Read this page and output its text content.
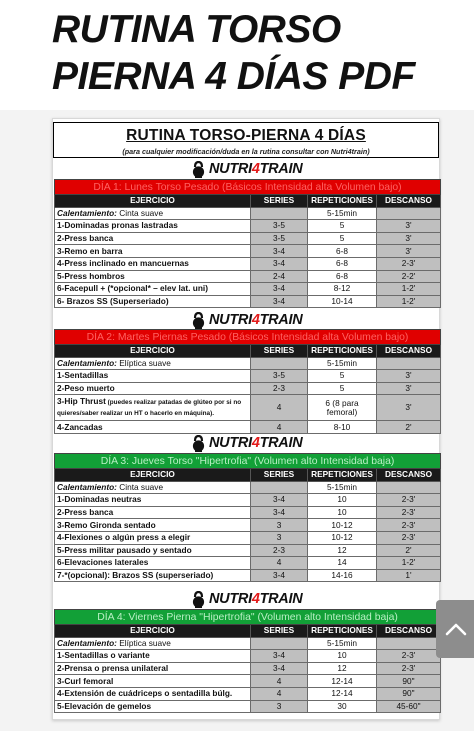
RUTINA TORSO
PIERNA 4 DÍAS PDF
RUTINA TORSO-PIERNA 4 DÍAS
(para cualquier modificación/duda en la rutina consultar con Nutri4train)
NUTRI4TRAIN
DÍA 1: Lunes Torso Pesado (Básicos Intensidad alta Volumen bajo)			
EJERCICIO	SERIES	REPETICIONES	DESCANSO
Calentamiento: Cinta suave		5-15min	
1-Dominadas pronas lastradas	3-5	5	3'
2-Press banca	3-5	5	3'
3-Remo en barra	3-4	6-8	3'
4-Press inclinado en mancuernas	3-4	6-8	2-3'
5-Press hombros	2-4	6-8	2-2'
6-Facepull + (*opcional* – elev lat. uni)	3-4	8-12	1-2'
6- Brazos SS (Superseriado)	3-4	10-14	1-2'
NUTRI4TRAIN
DÍA 2: Martes Piernas Pesado (Básicos Intensidad alta Volumen bajo)			
EJERCICIO	SERIES	REPETICIONES	DESCANSO
Calentamiento: Elíptica suave		5-15min	
1-Sentadillas	3-5	5	3'
2-Peso muerto	2-3	5	3'
3-Hip Thrust (puedes realizar patadas de glúteo por si no quieres/saber realizar un HT o hacerlo en máquina).	4	6 (8 para femoral)	3'
4-Zancadas	4	8-10	2'
NUTRI4TRAIN
DÍA 3: Jueves Torso "Hipertrofia" (Volumen alto Intensidad baja)			
EJERCICIO	SERIES	REPETICIONES	DESCANSO
Calentamiento: Cinta suave		5-15min	
1-Dominadas neutras	3-4	10	2-3'
2-Press banca	3-4	10	2-3'
3-Remo Gironda sentado	3	10-12	2-3'
4-Flexiones o algún press a elegir	3	10-12	2-3'
5-Press militar pausado y sentado	2-3	12	2'
6-Elevaciones laterales	4	14	1-2'
7-*(opcional): Brazos SS (superseriado)	3-4	14-16	1'
NUTRI4TRAIN
DÍA 4: Viernes Pierna "Hipertrofia" (Volumen alto Intensidad baja)			
EJERCICIO	SERIES	REPETICIONES	DESCANSO
Calentamiento: Elíptica suave		5-15min	
1-Sentadillas o variante	3-4	10	2-3'
2-Prensa o prensa unilateral	3-4	12	2-3'
3-Curl femoral	4	12-14	90"
4-Extensión de cuádriceps o sentadilla búlg.	4	12-14	90"
5-Elevación de gemelos	3	30	45-60"
